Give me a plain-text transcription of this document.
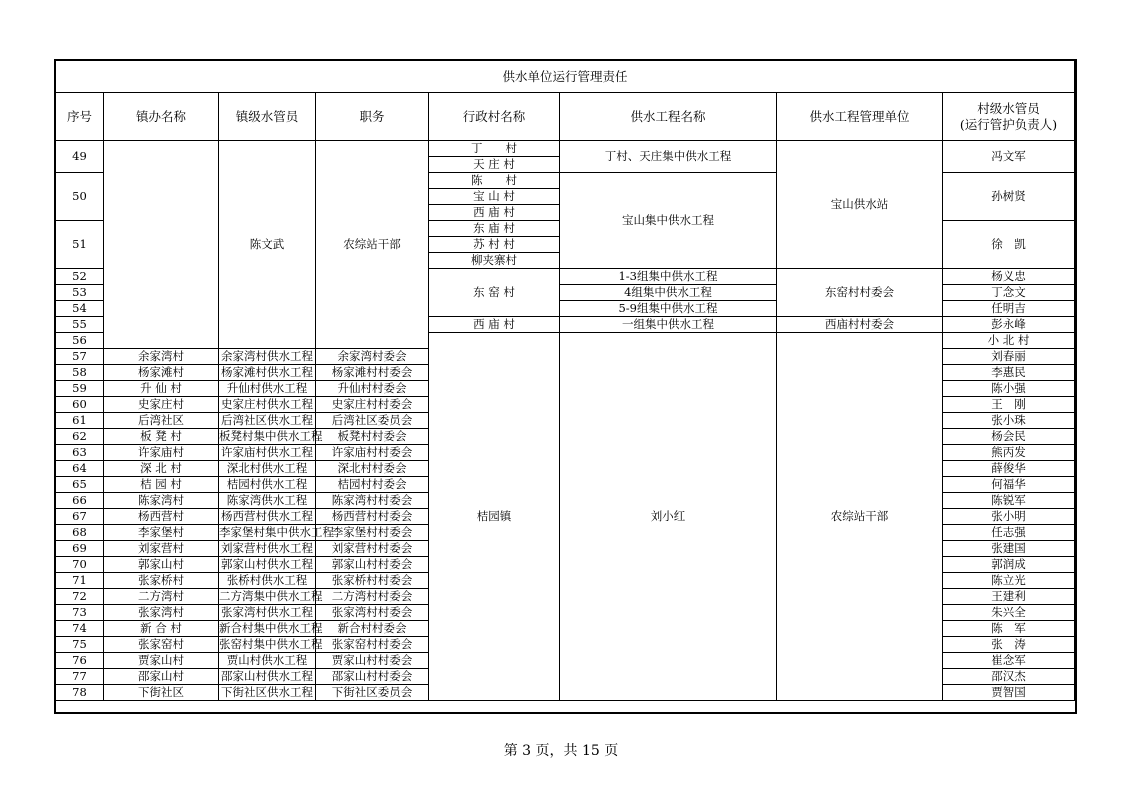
供水单位运行管理责任								
序号	镇办名称	镇级水管员	职务	行政村名称	供水工程名称	供水工程管理单位	村级水管员
(运行管护负责人)	
49		陈文武	农综站干部	丁　　村	丁村、天庄集中供水工程	宝山供水站	冯文军	
				天 庄 村				
50				陈　　村	宝山集中供水工程		孙树贤	
				宝 山 村				
				西 庙 村				
51				东 庙 村			徐　凯	
				苏 村 村				
				柳夹寨村				
52				东 窑 村	1-3组集中供水工程	东窑村村委会	杨义忠	
53					4组集中供水工程		丁念文	
54					5-9组集中供水工程		任明吉	
55				西 庙 村	一组集中供水工程	西庙村村委会	彭永峰	
56				桔园镇	刘小红	农综站干部	小 北 村			
57	余家湾村	余家湾村供水工程	余家湾村委会				刘春丽	
58	杨家滩村	杨家滩村供水工程	杨家滩村村委会				李惠民	
59	升 仙 村	升仙村供水工程	升仙村村委会				陈小强	
60	史家庄村	史家庄村供水工程	史家庄村村委会				王　刚	
61	后湾社区	后湾社区供水工程	后湾社区委员会				张小珠	
62	板 凳 村	板凳村集中供水工程	板凳村村委会				杨会民	
63	许家庙村	许家庙村供水工程	许家庙村村委会				熊丙发	
64	深 北 村	深北村供水工程	深北村村委会				薛俊华	
65	桔 园 村	桔园村供水工程	桔园村村委会				何福华	
66	陈家湾村	陈家湾供水工程	陈家湾村村委会				陈锐军	
67	杨西营村	杨西营村供水工程	杨西营村村委会				张小明	
68	李家堡村	李家堡村集中供水工程	李家堡村村委会				任志强	
69	刘家营村	刘家营村供水工程	刘家营村村委会				张建国	
70	郭家山村	郭家山村供水工程	郭家山村村委会				郭润成	
71	张家桥村	张桥村供水工程	张家桥村村委会				陈立光	
72	二方湾村	二方湾集中供水工程	二方湾村村委会				王建利	
73	张家湾村	张家湾村供水工程	张家湾村村委会				朱兴全	
74	新 合 村	新合村集中供水工程	新合村村委会				陈　军	
75	张家窑村	张窑村集中供水工程	张家窑村村委会				张　涛	
76	贾家山村	贾山村供水工程	贾家山村村委会				崔念军	
77	邵家山村	邵家山村供水工程	邵家山村村委会				邵汉杰	
78	下街社区	下街社区供水工程	下街社区委员会				贾智国	
第 3 页，共 15 页
